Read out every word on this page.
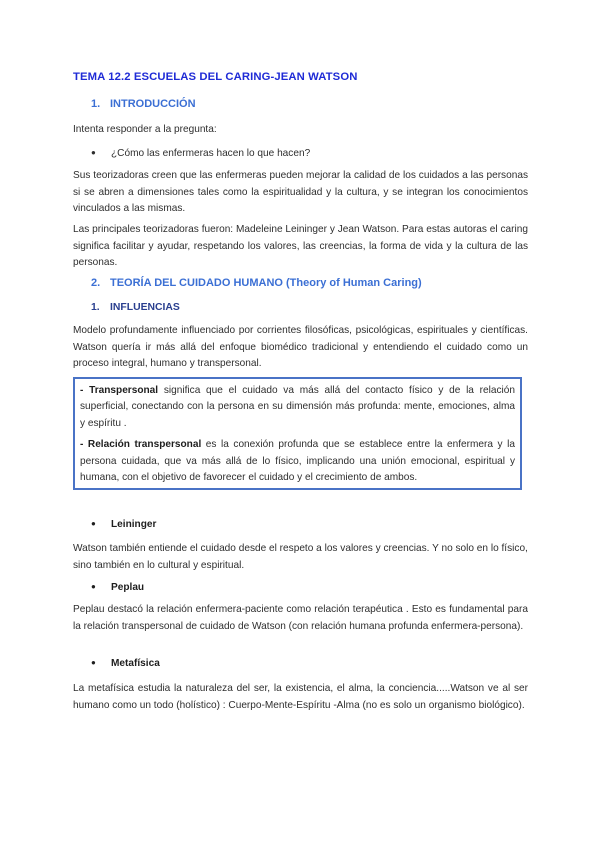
TEMA 12.2 ESCUELAS DEL CARING-JEAN WATSON
1. INTRODUCCIÓN
Intenta responder a la pregunta:
● ¿Cómo las enfermeras hacen lo que hacen?
Sus teorizadoras creen que las enfermeras pueden mejorar la calidad de los cuidados a las personas si se abren a dimensiones tales como la espiritualidad y la cultura, y se integran los conocimientos vinculados a las mismas.
Las principales teorizadoras fueron: Madeleine Leininger y Jean Watson. Para estas autoras el caring significa facilitar y ayudar, respetando los valores, las creencias, la forma de vida y la cultura de las personas.
2. TEORÍA DEL CUIDADO HUMANO (Theory of Human Caring)
1. INFLUENCIAS
Modelo profundamente influenciado por corrientes filosóficas, psicológicas, espirituales y científicas. Watson quería ir más allá del enfoque biomédico tradicional y entendiendo el cuidado como un proceso integral, humano y transpersonal.

- Transpersonal significa que el cuidado va más allá del contacto físico y de la relación superficial, conectando con la persona en su dimensión más profunda: mente, emociones, alma y espíritu .

- Relación transpersonal es la conexión profunda que se establece entre la enfermera y la persona cuidada, que va más allá de lo físico, implicando una unión emocional, espiritual y humana, con el objetivo de favorecer el cuidado y el crecimiento de ambos.

● Leininger
Watson también entiende el cuidado desde el respeto a los valores y creencias. Y no solo en lo físico, sino también en lo cultural y espiritual.
● Peplau
Peplau destacó la relación enfermera-paciente como relación terapéutica . Esto es fundamental para la relación transpersonal de cuidado de Watson (con relación humana profunda enfermera-persona).
● Metafísica
La metafísica estudia la naturaleza del ser, la existencia, el alma, la conciencia.....Watson ve al ser humano como un todo (holístico) : Cuerpo-Mente-Espíritu -Alma (no es solo un organismo biológico).
